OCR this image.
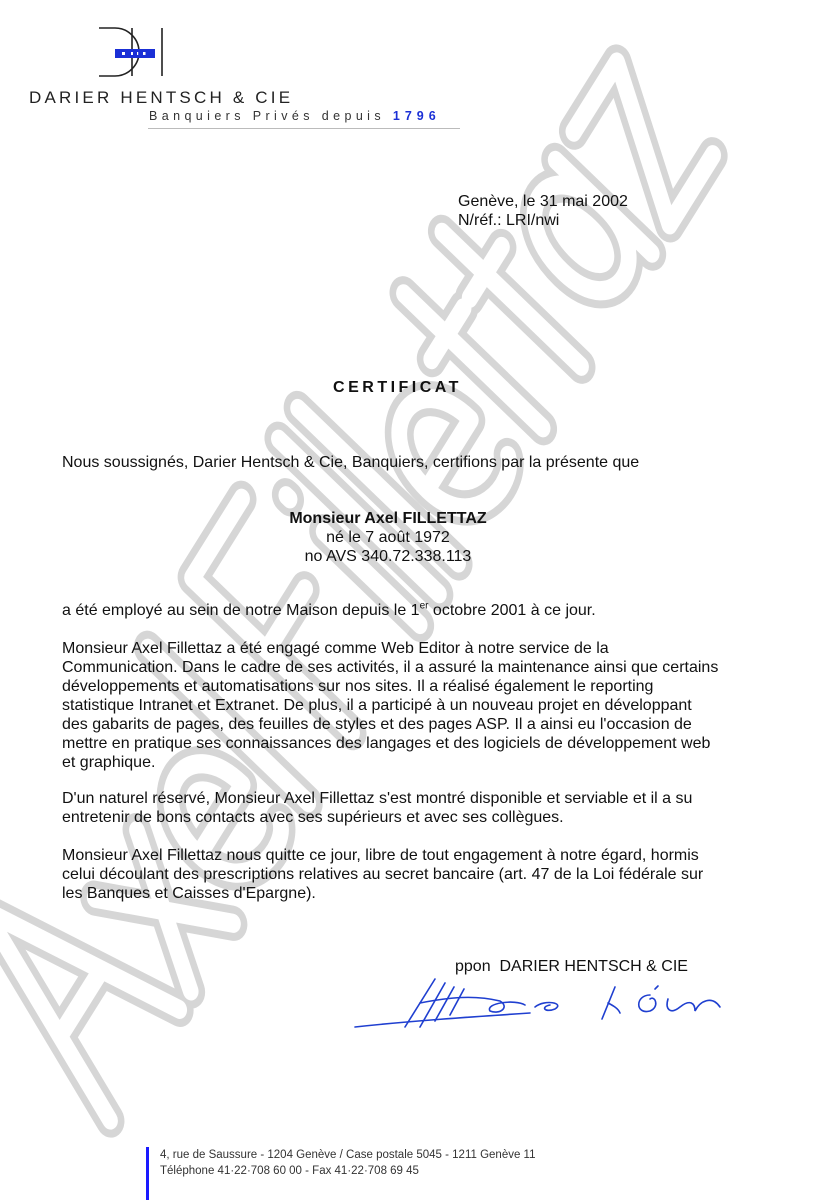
DARIER HENTSCH & CIE
Banquiers Privés depuis 1796
Genève, le 31 mai 2002
N/réf.: LRI/nwi
CERTIFICAT
Nous soussignés, Darier Hentsch & Cie, Banquiers, certifions par la présente que
Monsieur Axel FILLETTAZ
né le 7 août 1972
no AVS 340.72.338.113
a été employé au sein de notre Maison depuis le 1er octobre 2001 à ce jour.

Monsieur Axel Fillettaz a été engagé comme Web Editor à notre service de la

Communication. Dans le cadre de ses activités, il a assuré la maintenance ainsi que certains

développements et automatisations sur nos sites. Il a réalisé également le reporting

statistique Intranet et Extranet. De plus, il a participé à un nouveau projet en développant

des gabarits de pages, des feuilles de styles et des pages ASP. Il a ainsi eu l'occasion de

mettre en pratique ses connaissances des langages et des logiciels de développement web

et graphique.

D'un naturel réservé, Monsieur Axel Fillettaz s'est montré disponible et serviable et il a su

entretenir de bons contacts avec ses supérieurs et avec ses collègues.

Monsieur Axel Fillettaz nous quitte ce jour, libre de tout engagement à notre égard, hormis

celui découlant des prescriptions relatives au secret bancaire (art. 47 de la Loi fédérale sur

les Banques et Caisses d'Epargne).

ppon  DARIER HENTSCH & CIE
4, rue de Saussure - 1204 Genève / Case postale 5045 - 1211 Genève 11
Téléphone 41·22·708 60 00 - Fax 41·22·708 69 45
